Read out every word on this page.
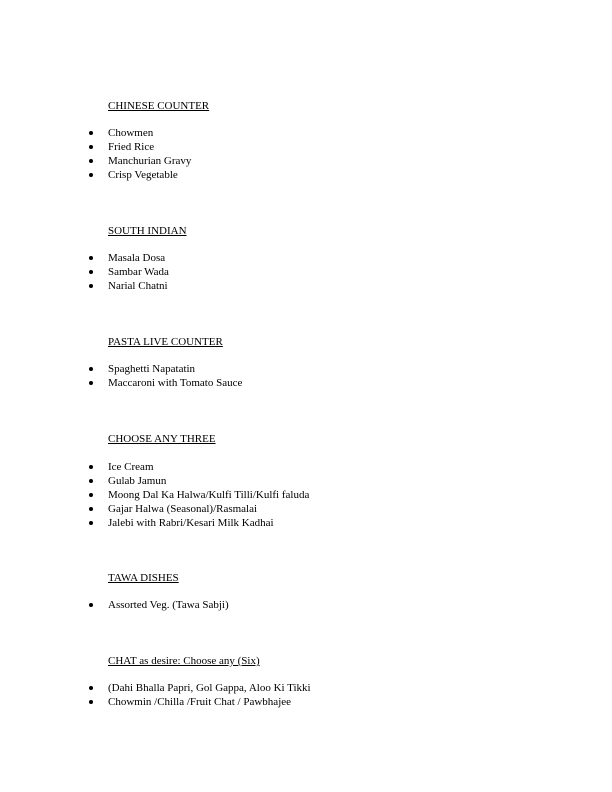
CHINESE COUNTER
Chowmen
Fried Rice
Manchurian Gravy
Crisp Vegetable
SOUTH INDIAN
Masala Dosa
Sambar Wada
Narial Chatni
PASTA LIVE COUNTER
Spaghetti Napatatin
Maccaroni with Tomato Sauce
CHOOSE ANY THREE
Ice Cream
Gulab Jamun
Moong Dal Ka Halwa/Kulfi Tilli/Kulfi faluda
Gajar Halwa (Seasonal)/Rasmalai
Jalebi with Rabri/Kesari Milk Kadhai
TAWA DISHES
Assorted Veg. (Tawa Sabji)
CHAT as desire: Choose any (Six)
(Dahi Bhalla Papri, Gol Gappa, Aloo Ki Tikki
Chowmin /Chilla /Fruit Chat / Pawbhajee
